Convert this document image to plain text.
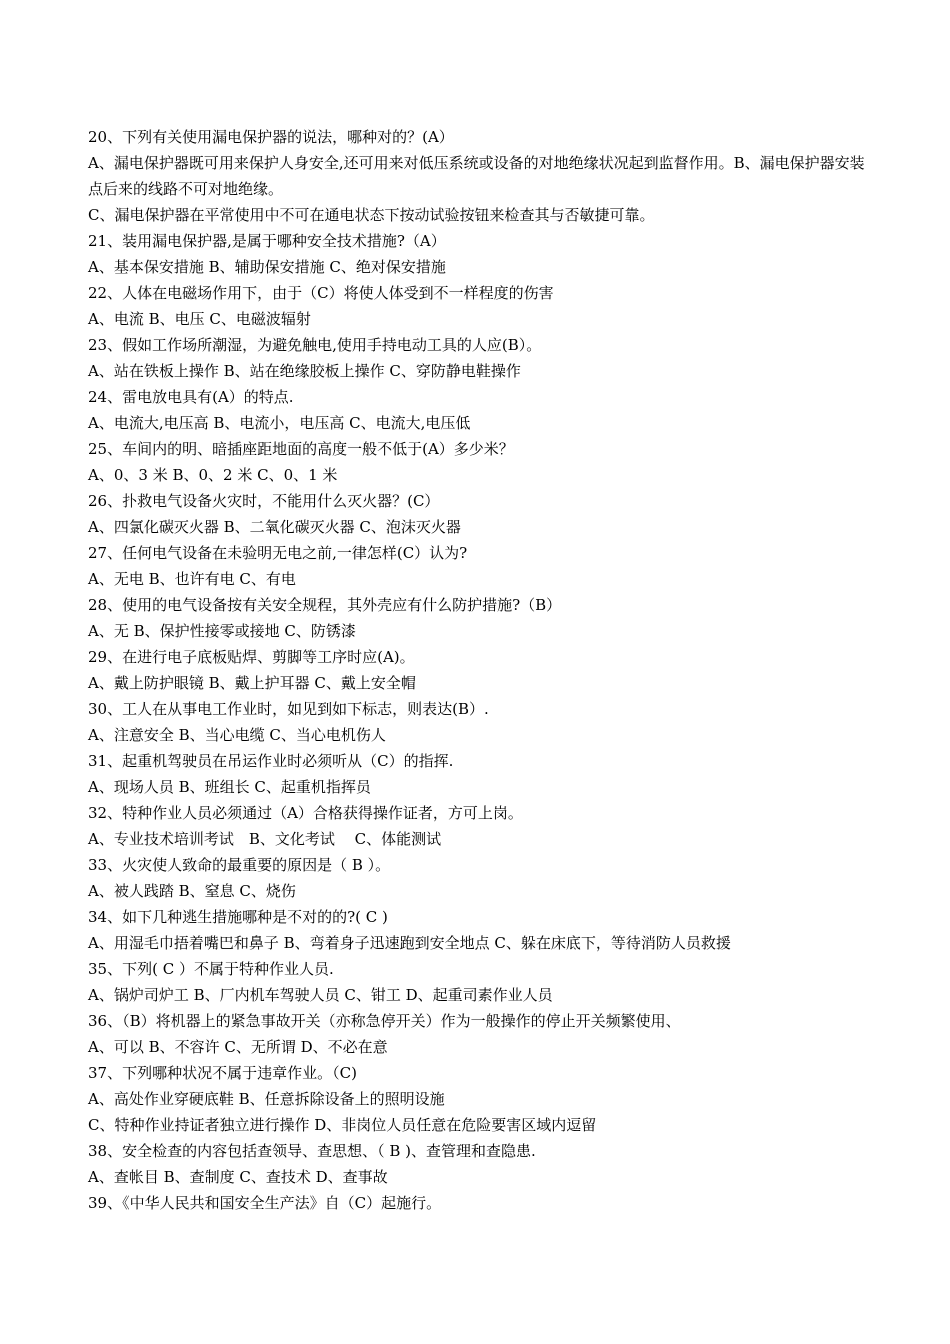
20、下列有关使用漏电保护器的说法，哪种对的？(A）
A、漏电保护器既可用来保护人身安全,还可用来对低压系统或设备的对地绝缘状况起到监督作用。B、漏电保护器安装点后来的线路不可对地绝缘。
C、漏电保护器在平常使用中不可在通电状态下按动试验按钮来检查其与否敏捷可靠。
21、装用漏电保护器,是属于哪种安全技术措施?（A）
A、基本保安措施 B、辅助保安措施 C、绝对保安措施
22、人体在电磁场作用下，由于（C）将使人体受到不一样程度的伤害
A、电流 B、电压 C、电磁波辐射
23、假如工作场所潮湿，为避免触电,使用手持电动工具的人应(B）。
A、站在铁板上操作 B、站在绝缘胶板上操作 C、穿防静电鞋操作
24、雷电放电具有(A）的特点.
A、电流大,电压高 B、电流小，电压高 C、电流大,电压低
25、车间内的明、暗插座距地面的高度一般不低于(A）多少米？
A、0、3 米 B、0、2 米 C、0、1 米
26、扑救电气设备火灾时，不能用什么灭火器？(C）
A、四氯化碳灭火器 B、二氧化碳灭火器 C、泡沫灭火器
27、任何电气设备在未验明无电之前,一律怎样(C）认为?
A、无电 B、也许有电 C、有电
28、使用的电气设备按有关安全规程，其外壳应有什么防护措施?（B）
A、无 B、保护性接零或接地 C、防锈漆
29、在进行电子底板贴焊、剪脚等工序时应(A)。
A、戴上防护眼镜 B、戴上护耳器 C、戴上安全帽
30、工人在从事电工作业时，如见到如下标志，则表达(B）.
A、注意安全 B、当心电缆 C、当心电机伤人
31、起重机驾驶员在吊运作业时必须听从（C）的指挥.
A、现场人员 B、班组长 C、起重机指挥员
32、特种作业人员必须通过（A）合格获得操作证者，方可上岗。
A、专业技术培训考试　B、文化考试　 C、体能测试
33、火灾使人致命的最重要的原因是（ B ）。
A、被人践踏 B、窒息 C、烧伤
34、如下几种逃生措施哪种是不对的的?( C )
A、用湿毛巾捂着嘴巴和鼻子 B、弯着身子迅速跑到安全地点 C、躲在床底下，等待消防人员救援
35、下列( C ）不属于特种作业人员.
A、锅炉司炉工 B、厂内机车驾驶人员 C、钳工 D、起重司素作业人员
36、（B）将机器上的紧急事故开关（亦称急停开关）作为一般操作的停止开关频繁使用、
A、可以 B、不容许 C、无所谓 D、不必在意
37、下列哪种状况不属于违章作业。（C)
A、高处作业穿硬底鞋 B、任意拆除设备上的照明设施
C、特种作业持证者独立进行操作 D、非岗位人员任意在危险要害区域内逗留
38、安全检查的内容包括查领导、查思想、（ B )、查管理和查隐患.
A、查帐目 B、查制度 C、查技术 D、查事故
39、《中华人民共和国安全生产法》自（C）起施行。
